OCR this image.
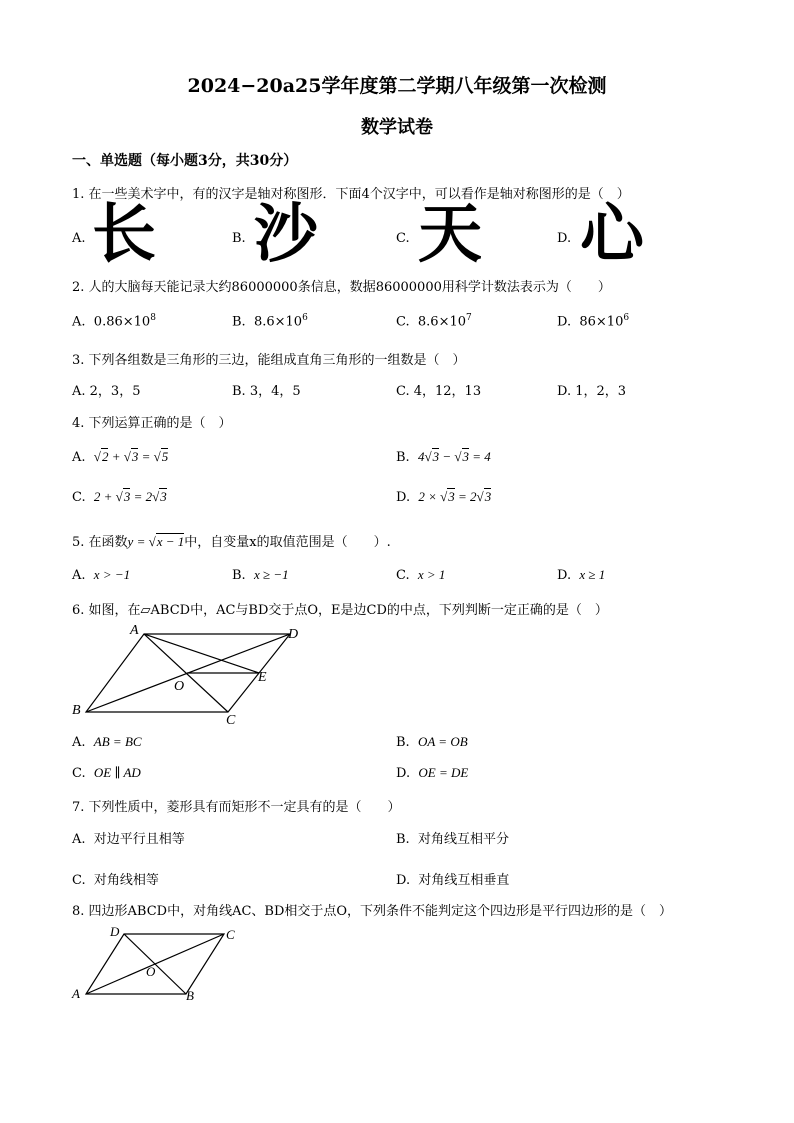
2024−20a25学年度第二学期八年级第一次检测
数学试卷
一、单选题（每小题3分，共30分）
1. 在一些美术字中，有的汉字是轴对称图形．下面4个汉字中，可以看作是轴对称图形的是（　）
A. 长	B. 沙	C. 天	D. 心
2. 人的大脑每天能记录大约86000000条信息，数据86000000用科学计数法表示为（　　）
A. $0.86\times 10^8$	B. $8.6\times 10^6$	C. $8.6\times 10^7$	D. $86\times 10^6$
3. 下列各组数是三角形的三边，能组成直角三角形的一组数是（　）
A. 2，3，5	B. 3，4，5	C. 4，12，13	D. 1，2，3
4. 下列运算正确的是（　）
A. √2 + √3 = √5	B. 4√3 − √3 = 4
C. 2 + √3 = 2√3	D. 2 × √3 = 2√3
5. 在函数y = √x − 1中，自变量x的取值范围是（　　）.
A. x > −1	B. x ≥ −1	C. x > 1	D. x ≥ 1
6. 如图，在▱ABCD中，AC与BD交于点O，E是边CD的中点，下列判断一定正确的是（　）
A
B
C
D
O
E
A. AB = BC	B. OA = OB
C. OE ∥ AD	D. OE = DE
7. 下列性质中，菱形具有而矩形不一定具有的是（　　）
A. 对边平行且相等	B. 对角线互相平分
C. 对角线相等	D. 对角线互相垂直
8. 四边形ABCD中，对角线AC、BD相交于点O，下列条件不能判定这个四边形是平行四边形的是（　）
D	C
A	B
O
